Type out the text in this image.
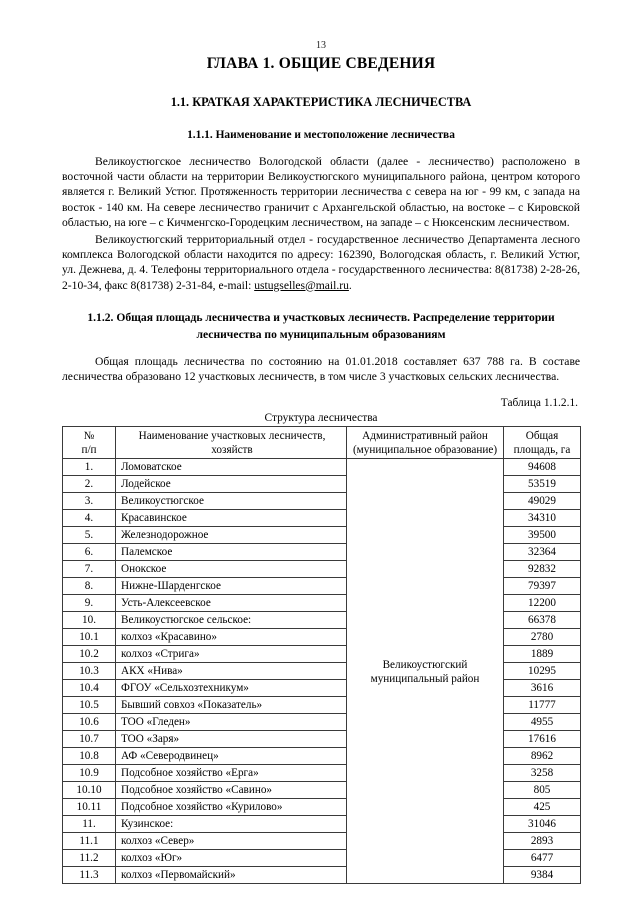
13
ГЛАВА 1. ОБЩИЕ СВЕДЕНИЯ
1.1. КРАТКАЯ ХАРАКТЕРИСТИКА ЛЕСНИЧЕСТВА
1.1.1. Наименование и местоположение лесничества

Великоустюгское лесничество Вологодской области (далее - лесничество) расположено в восточной части области на территории Великоустюгского муниципального района, центром которого является г. Великий Устюг. Протяженность территории лесничества с севера на юг - 99 км, с запада на восток - 140 км. На севере лесничество граничит с Архангельской областью, на востоке – с Кировской областью, на юге – с Кичменгско-Городецким лесничеством, на западе – с Нюксенским лесничеством.

Великоустюгский территориальный отдел - государственное лесничество Департамента лесного комплекса Вологодской области находится по адресу: 162390, Вологодская область, г. Великий Устюг, ул. Дежнева, д. 4. Телефоны территориального отдела - государственного лесничества: 8(81738) 2-28-26, 2-10-34, факс 8(81738) 2-31-84, e-mail: ustugselles@mail.ru.

1.1.2. Общая площадь лесничества и участковых лесничеств. Распределение территории лесничества по муниципальным образованиям

Общая площадь лесничества по состоянию на 01.01.2018 составляет 637 788 га. В составе лесничества образовано 12 участковых лесничеств, в том числе 3 участковых сельских лесничества.

Таблица 1.1.2.1.
Структура лесничества
№
п/п	Наименование участковых лесничеств, хозяйств	Административный район (муниципальное образование)	Общая площадь, га
1.	Ломоватское	Великоустюгский муниципальный район	94608
2.	Лодейское		53519
3.	Великоустюгское		49029
4.	Красавинское		34310
5.	Железнодорожное		39500
6.	Палемское		32364
7.	Онокское		92832
8.	Нижне-Шарденгское		79397
9.	Усть-Алексеевское		12200
10.	Великоустюгское сельское:		66378
10.1	колхоз «Красавино»		2780
10.2	колхоз «Стрига»		1889
10.3	АКХ «Нива»		10295
10.4	ФГОУ «Сельхозтехникум»		3616
10.5	Бывший совхоз «Показатель»		11777
10.6	ТОО «Гледен»		4955
10.7	ТОО «Заря»		17616
10.8	АФ «Северодвинец»		8962
10.9	Подсобное хозяйство «Ерга»		3258
10.10	Подсобное хозяйство «Савино»		805
10.11	Подсобное хозяйство «Курилово»		425
11.	Кузинское:		31046
11.1	колхоз «Север»		2893
11.2	колхоз «Юг»		6477
11.3	колхоз «Первомайский»		9384
